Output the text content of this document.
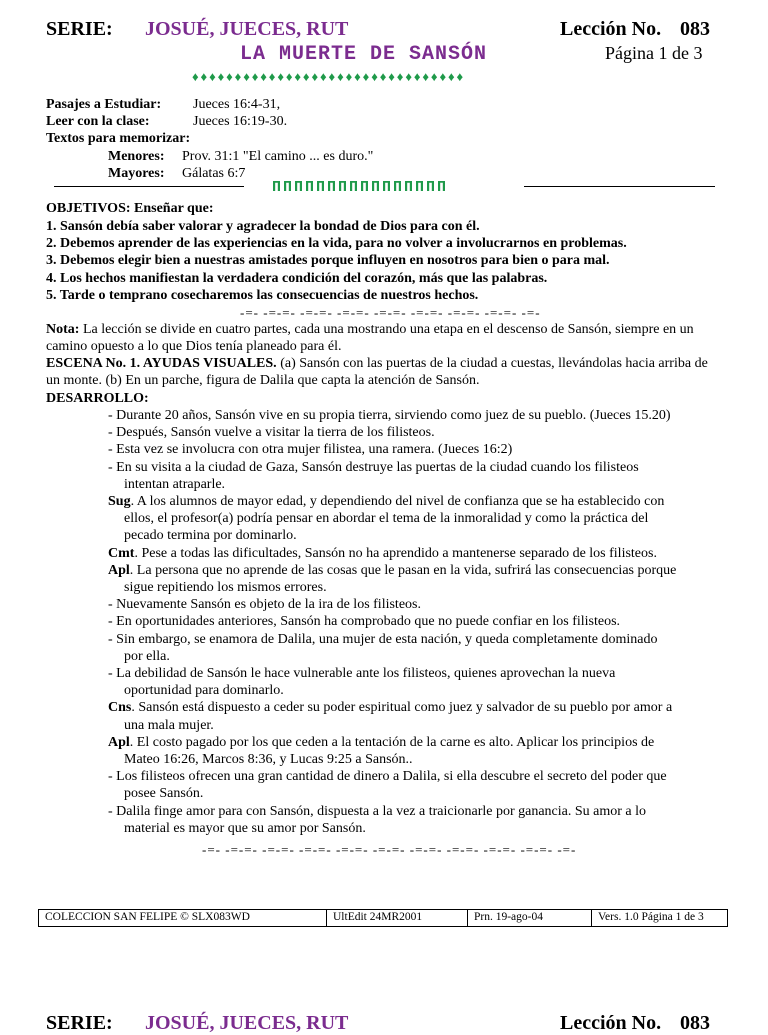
SERIE: JOSUÉ, JUECES, RUT	Lección No. 083
LA MUERTE DE SANSÓN	Página 1 de 3
♦♦♦♦♦♦♦♦♦♦♦♦♦♦♦♦♦♦♦♦♦♦♦♦♦♦♦♦♦♦♦♦
Pasajes a Estudiar: Jueces 16:4-31,
Leer con la clase:	Jueces 16:19-30.
Textos para memorizar:
Menores: Prov. 31:1 "El camino ... es duro."
Mayores: Gálatas 6:7
ΠΠΠΠΠΠΠΠΠΠΠΠΠΠΠΠ
OBJETIVOS: Enseñar que:
1. Sansón debía saber valorar y agradecer la bondad de Dios para con él.
2. Debemos aprender de las experiencias en la vida, para no volver a involucrarnos en problemas.
3. Debemos elegir bien a nuestras amistades porque influyen en nosotros para bien o para mal.
4. Los hechos manifiestan la verdadera condición del corazón, más que las palabras.
5. Tarde o temprano cosecharemos las consecuencias de nuestros hechos.
-=- -=-=- -=-=- -=-=- -=-=- -=-=- -=-=- -=-=- -=-
Nota: La lección se divide en cuatro partes, cada una mostrando una etapa en el descenso de Sansón, siempre en un camino opuesto a lo que Dios tenía planeado para él.
ESCENA No. 1. AYUDAS VISUALES. (a) Sansón con las puertas de la ciudad a cuestas, llevándolas hacia arriba de un monte. (b) En un parche, figura de Dalila que capta la atención de Sansón.
DESARROLLO:
- Durante 20 años, Sansón vive en su propia tierra, sirviendo como juez de su pueblo. (Jueces 15.20)
- Después, Sansón vuelve a visitar la tierra de los filisteos.
- Esta vez se involucra con otra mujer filistea, una ramera. (Jueces 16:2)
- En su visita a la ciudad de Gaza, Sansón destruye las puertas de la ciudad cuando los filisteos
intentan atraparle.
Sug. A los alumnos de mayor edad, y dependiendo del nivel de confianza que se ha establecido con
ellos, el profesor(a) podría pensar en abordar el tema de la inmoralidad y como la práctica del
pecado termina por dominarlo.
Cmt. Pese a todas las dificultades, Sansón no ha aprendido a mantenerse separado de los filisteos.
Apl. La persona que no aprende de las cosas que le pasan en la vida, sufrirá las consecuencias porque
sigue repitiendo los mismos errores.
- Nuevamente Sansón es objeto de la ira de los filisteos.
- En oportunidades anteriores, Sansón ha comprobado que no puede confiar en los filisteos.
- Sin embargo, se enamora de Dalila, una mujer de esta nación, y queda completamente dominado
por ella.
- La debilidad de Sansón le hace vulnerable ante los filisteos, quienes aprovechan la nueva
oportunidad para dominarlo.
Cns. Sansón está dispuesto a ceder su poder espiritual como juez y salvador de su pueblo por amor a
una mala mujer.
Apl. El costo pagado por los que ceden a la tentación de la carne es alto. Aplicar los principios de
Mateo 16:26, Marcos 8:36, y Lucas 9:25 a Sansón..
- Los filisteos ofrecen una gran cantidad de dinero a Dalila, si ella descubre el secreto del poder que
posee Sansón.
- Dalila finge amor para con Sansón, dispuesta a la vez a traicionarle por ganancia. Su amor a lo
material es mayor que su amor por Sansón.
-=- -=-=- -=-=- -=-=- -=-=- -=-=- -=-=- -=-=- -=-=- -=-=- -=-
COLECCION SAN FELIPE © SLX083WD	UltEdit 24MR2001	Prn. 19-ago-04	Vers. 1.0 Página 1 de 3
SERIE: JOSUÉ, JUECES, RUT	Lección No. 083
